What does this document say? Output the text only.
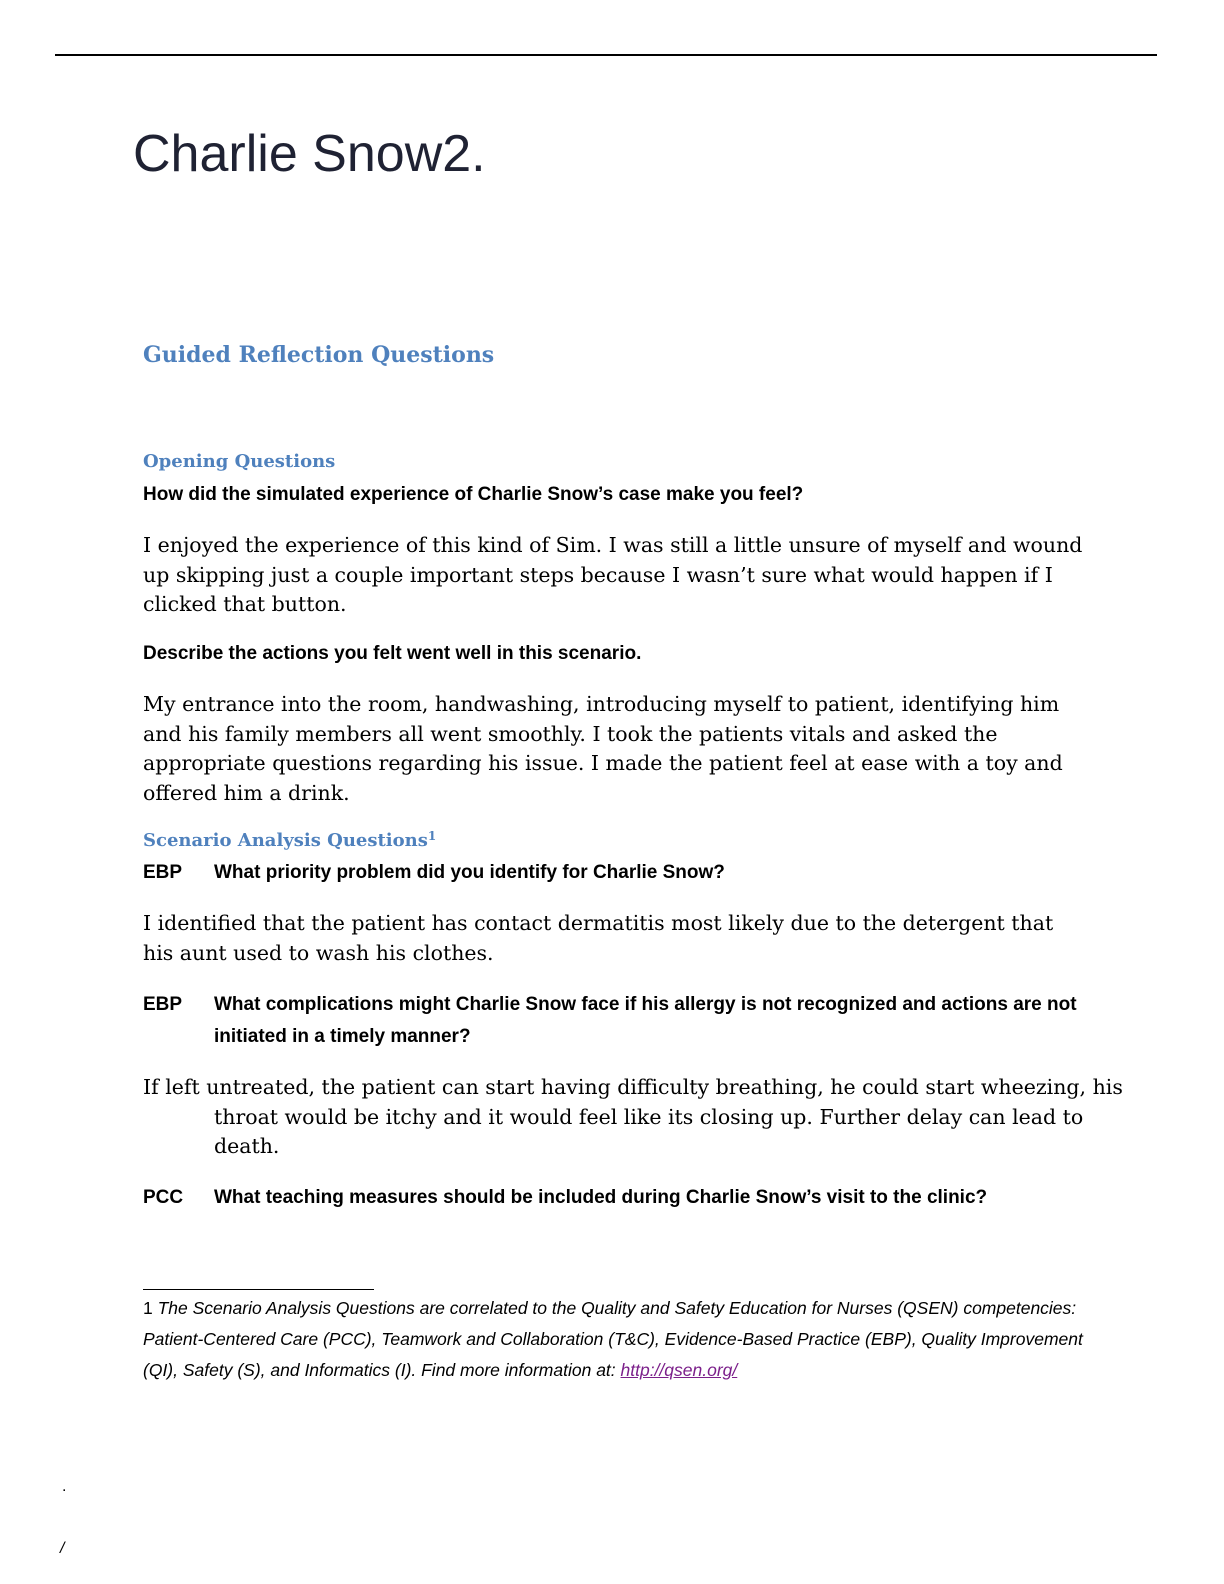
Charlie Snow2.
Guided Reflection Questions
Opening Questions
How did the simulated experience of Charlie Snow’s case make you feel?
I enjoyed the experience of this kind of Sim. I was still a little unsure of myself and wound up skipping just a couple important steps because I wasn’t sure what would happen if I clicked that button.
Describe the actions you felt went well in this scenario.
My entrance into the room, handwashing, introducing myself to patient, identifying him and his family members all went smoothly. I took the patients vitals and asked the appropriate questions regarding his issue. I made the patient feel at ease with a toy and offered him a drink.
Scenario Analysis Questions$^1$
EBP What priority problem did you identify for Charlie Snow?
I identified that the patient has contact dermatitis most likely due to the detergent that his aunt used to wash his clothes.
EBP What complications might Charlie Snow face if his allergy is not recognized and actions are not initiated in a timely manner?
If left untreated, the patient can start having difficulty breathing, he could start wheezing, his throat would be itchy and it would feel like its closing up. Further delay can lead to death.
PCC What teaching measures should be included during Charlie Snow’s visit to the clinic?
1 The Scenario Analysis Questions are correlated to the Quality and Safety Education for Nurses (QSEN) competencies: Patient-Centered Care (PCC), Teamwork and Collaboration (T&C), Evidence-Based Practice (EBP), Quality Improvement (QI), Safety (S), and Informatics (I). Find more information at: http://qsen.org/
.
/
